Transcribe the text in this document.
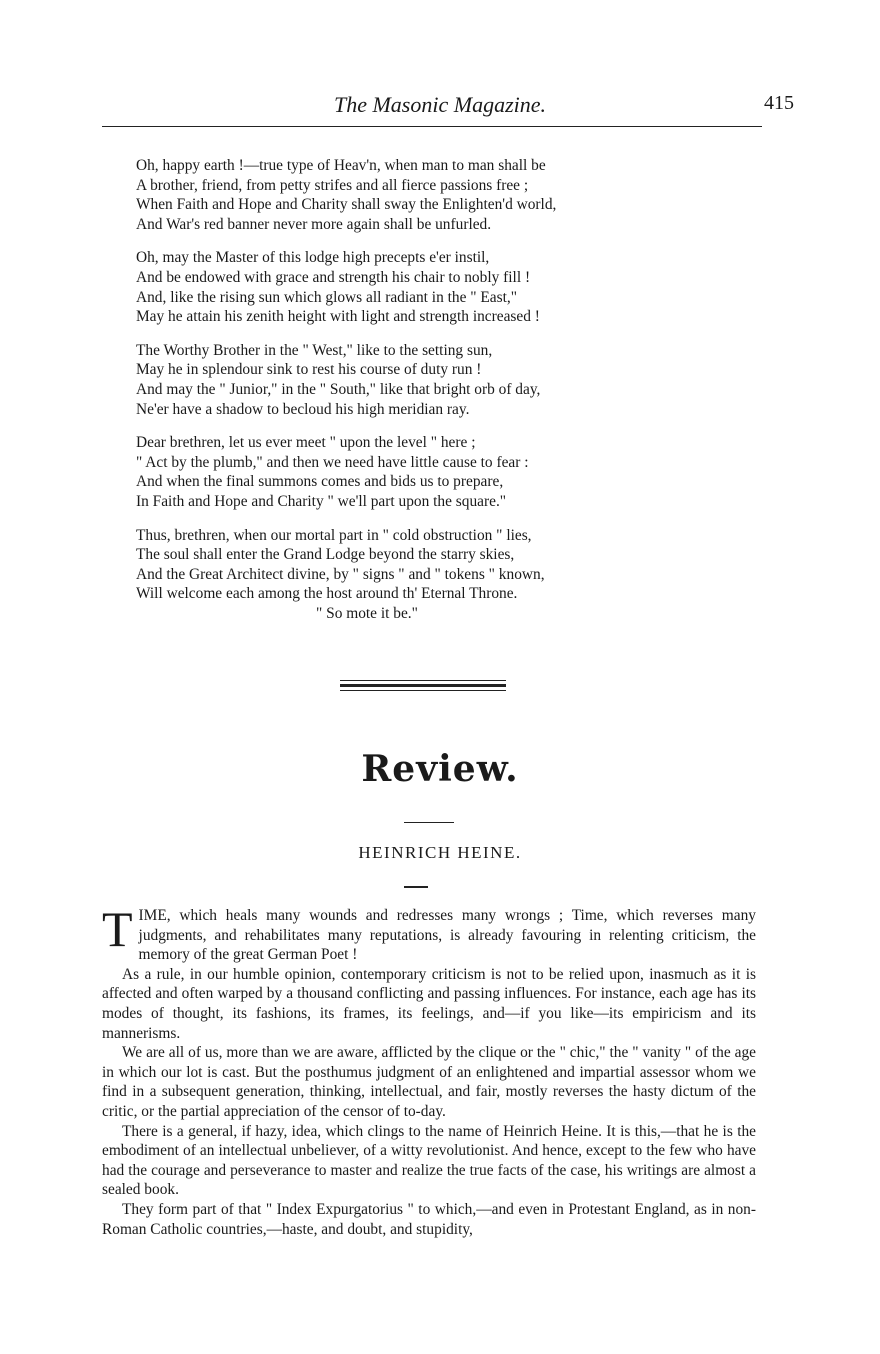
The Masonic Magazine.	415
Oh, happy earth !—true type of Heav'n, when man to man shall be
A brother, friend, from petty strifes and all fierce passions free ;
When Faith and Hope and Charity shall sway the Enlighten'd world,
And War's red banner never more again shall be unfurled.
Oh, may the Master of this lodge high precepts e'er instil,
And be endowed with grace and strength his chair to nobly fill !
And, like the rising sun which glows all radiant in the " East,"
May he attain his zenith height with light and strength increased !
The Worthy Brother in the " West," like to the setting sun,
May he in splendour sink to rest his course of duty run !
And may the " Junior," in the " South," like that bright orb of day,
Ne'er have a shadow to becloud his high meridian ray.
Dear brethren, let us ever meet " upon the level " here ;
" Act by the plumb," and then we need have little cause to fear :
And when the final summons comes and bids us to prepare,
In Faith and Hope and Charity " we'll part upon the square."
Thus, brethren, when our mortal part in " cold obstruction " lies,
The soul shall enter the Grand Lodge beyond the starry skies,
And the Great Architect divine, by " signs " and " tokens " known,
Will welcome each among the host around th' Eternal Throne.
" So mote it be."
Review.
HEINRICH HEINE.

TIME, which heals many wounds and redresses many wrongs ; Time, which reverses many judgments, and rehabilitates many reputations, is already favouring in relenting criticism, the memory of the great German Poet !

As a rule, in our humble opinion, contemporary criticism is not to be relied upon, inasmuch as it is affected and often warped by a thousand conflicting and passing influences. For instance, each age has its modes of thought, its fashions, its frames, its feelings, and—if you like—its empiricism and its mannerisms.

We are all of us, more than we are aware, afflicted by the clique or the " chic," the " vanity " of the age in which our lot is cast. But the posthumus judgment of an enlightened and impartial assessor whom we find in a subsequent generation, thinking, intellectual, and fair, mostly reverses the hasty dictum of the critic, or the partial appreciation of the censor of to-day.

There is a general, if hazy, idea, which clings to the name of Heinrich Heine. It is this,—that he is the embodiment of an intellectual unbeliever, of a witty revolutionist. And hence, except to the few who have had the courage and perseverance to master and realize the true facts of the case, his writings are almost a sealed book.

They form part of that " Index Expurgatorius " to which,—and even in Protestant England, as in non-Roman Catholic countries,—haste, and doubt, and stupidity,
